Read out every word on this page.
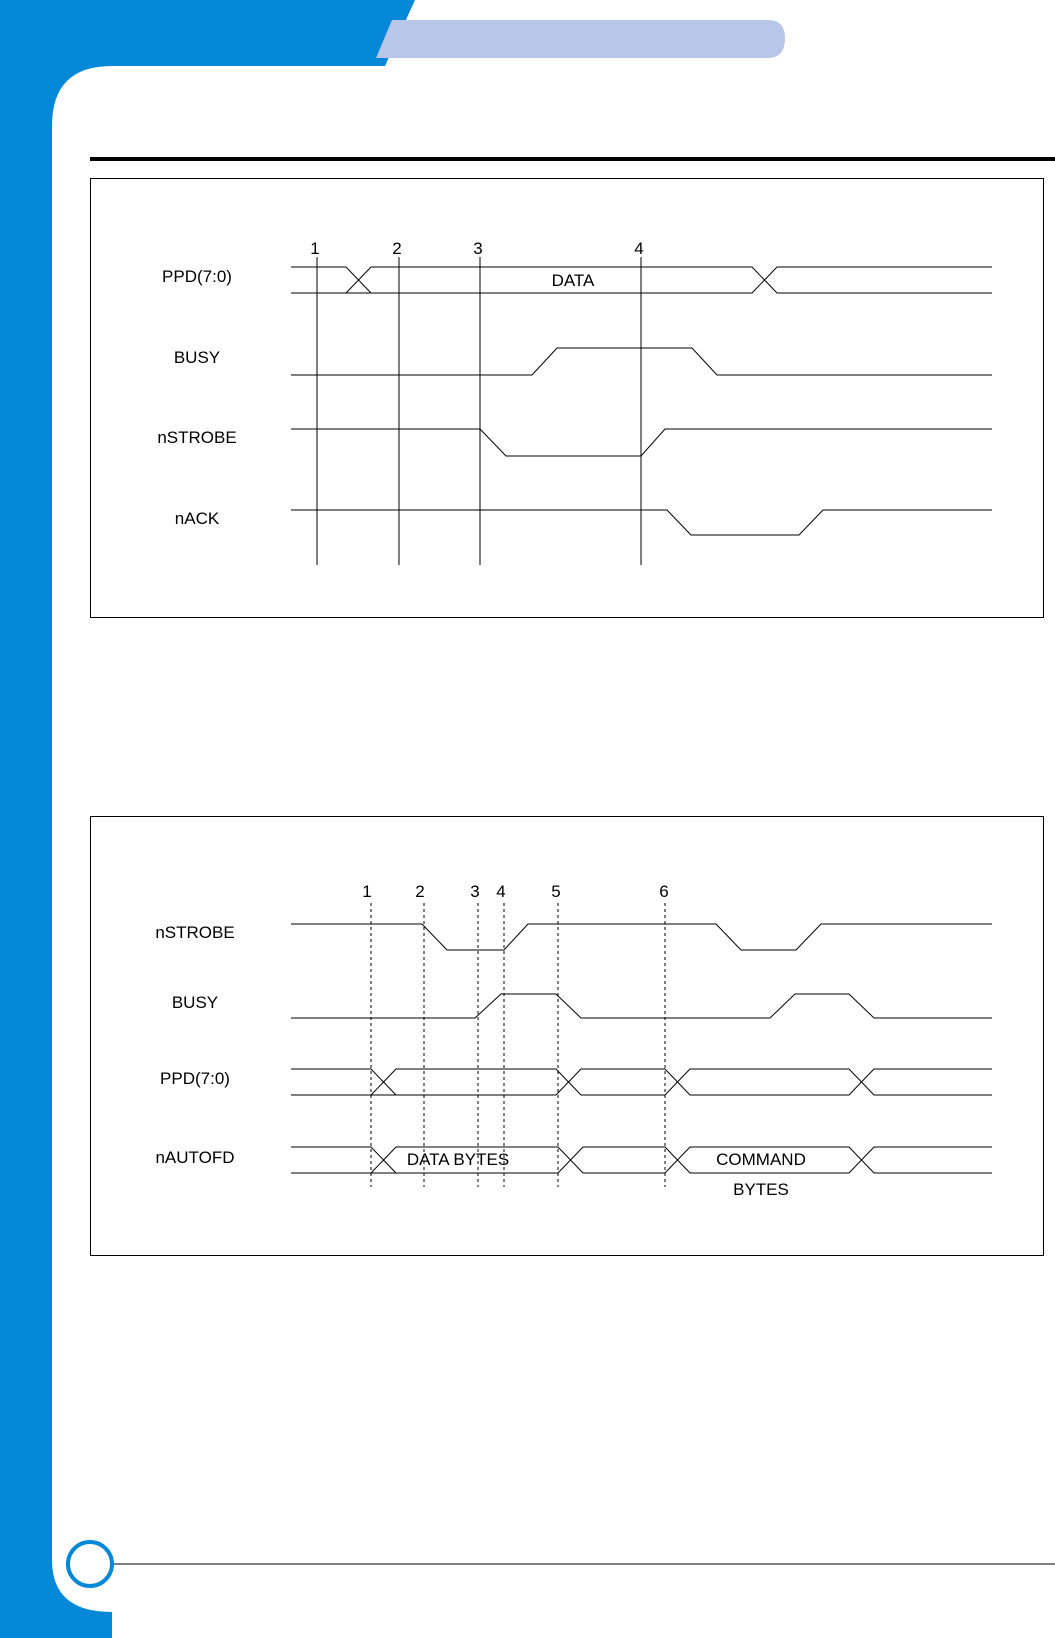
1	2	3	4
PPD(7:0)
BUSY
nSTROBE
nACK
DATA
1	2	3 4	5	6
nSTROBE
BUSY
PPD(7:0)
nAUTOFD	DATA BYTES	COMMAND
BYTES
